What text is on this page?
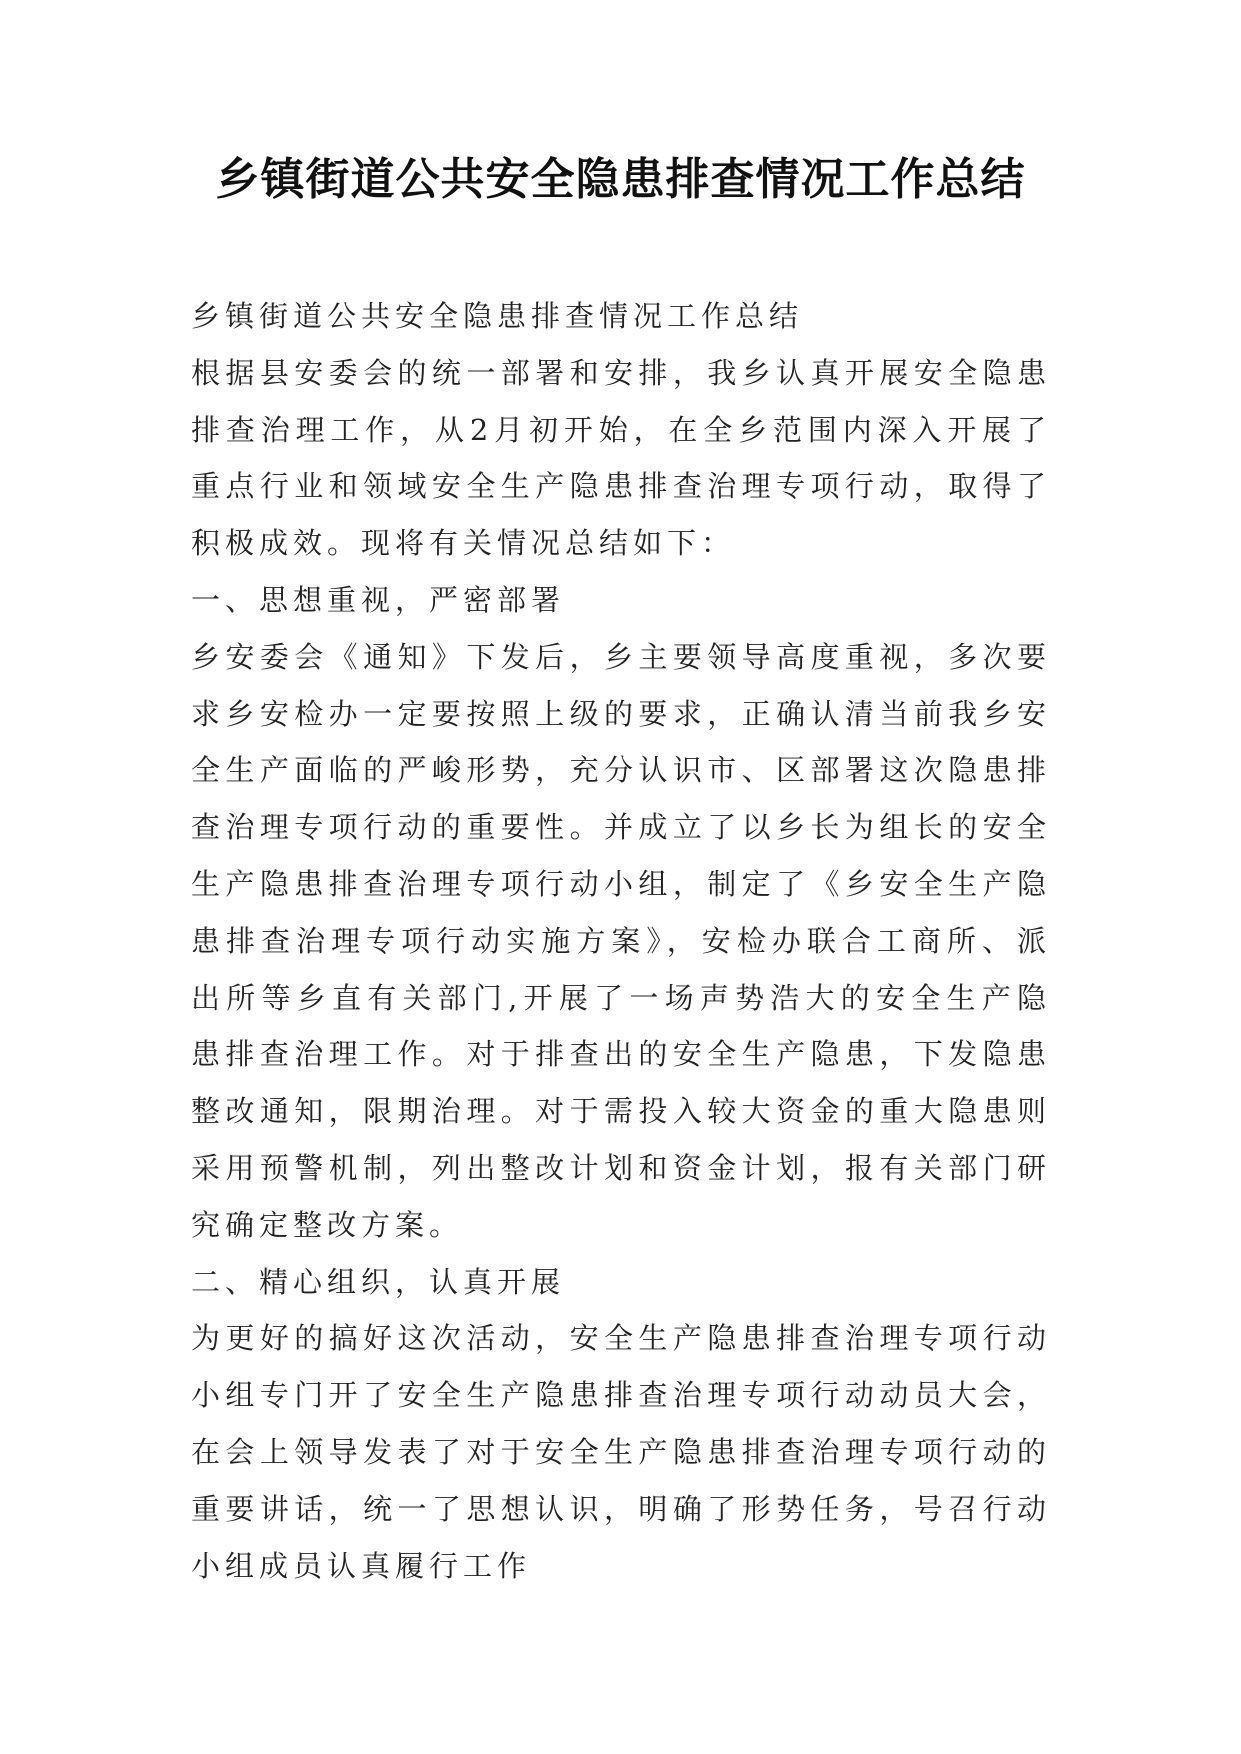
乡镇街道公共安全隐患排查情况工作总结

乡镇街道公共安全隐患排查情况工作总结

根据县安委会的统一部署和安排，我乡认真开展安全隐患排查治理工作，从2月初开始，在全乡范围内深入开展了重点行业和领域安全生产隐患排查治理专项行动，取得了积极成效。现将有关情况总结如下：

一、思想重视，严密部署

乡安委会《通知》下发后，乡主要领导高度重视，多次要求乡安检办一定要按照上级的要求，正确认清当前我乡安全生产面临的严峻形势，充分认识市、区部署这次隐患排查治理专项行动的重要性。并成立了以乡长为组长的安全生产隐患排查治理专项行动小组，制定了《乡安全生产隐患排查治理专项行动实施方案》，安检办联合工商所、派出所等乡直有关部门,开展了一场声势浩大的安全生产隐患排查治理工作。对于排查出的安全生产隐患，下发隐患整改通知，限期治理。对于需投入较大资金的重大隐患则采用预警机制，列出整改计划和资金计划，报有关部门研究确定整改方案。

二、精心组织，认真开展

为更好的搞好这次活动，安全生产隐患排查治理专项行动小组专门开了安全生产隐患排查治理专项行动动员大会，在会上领导发表了对于安全生产隐患排查治理专项行动的重要讲话，统一了思想认识，明确了形势任务，号召行动小组成员认真履行工作
